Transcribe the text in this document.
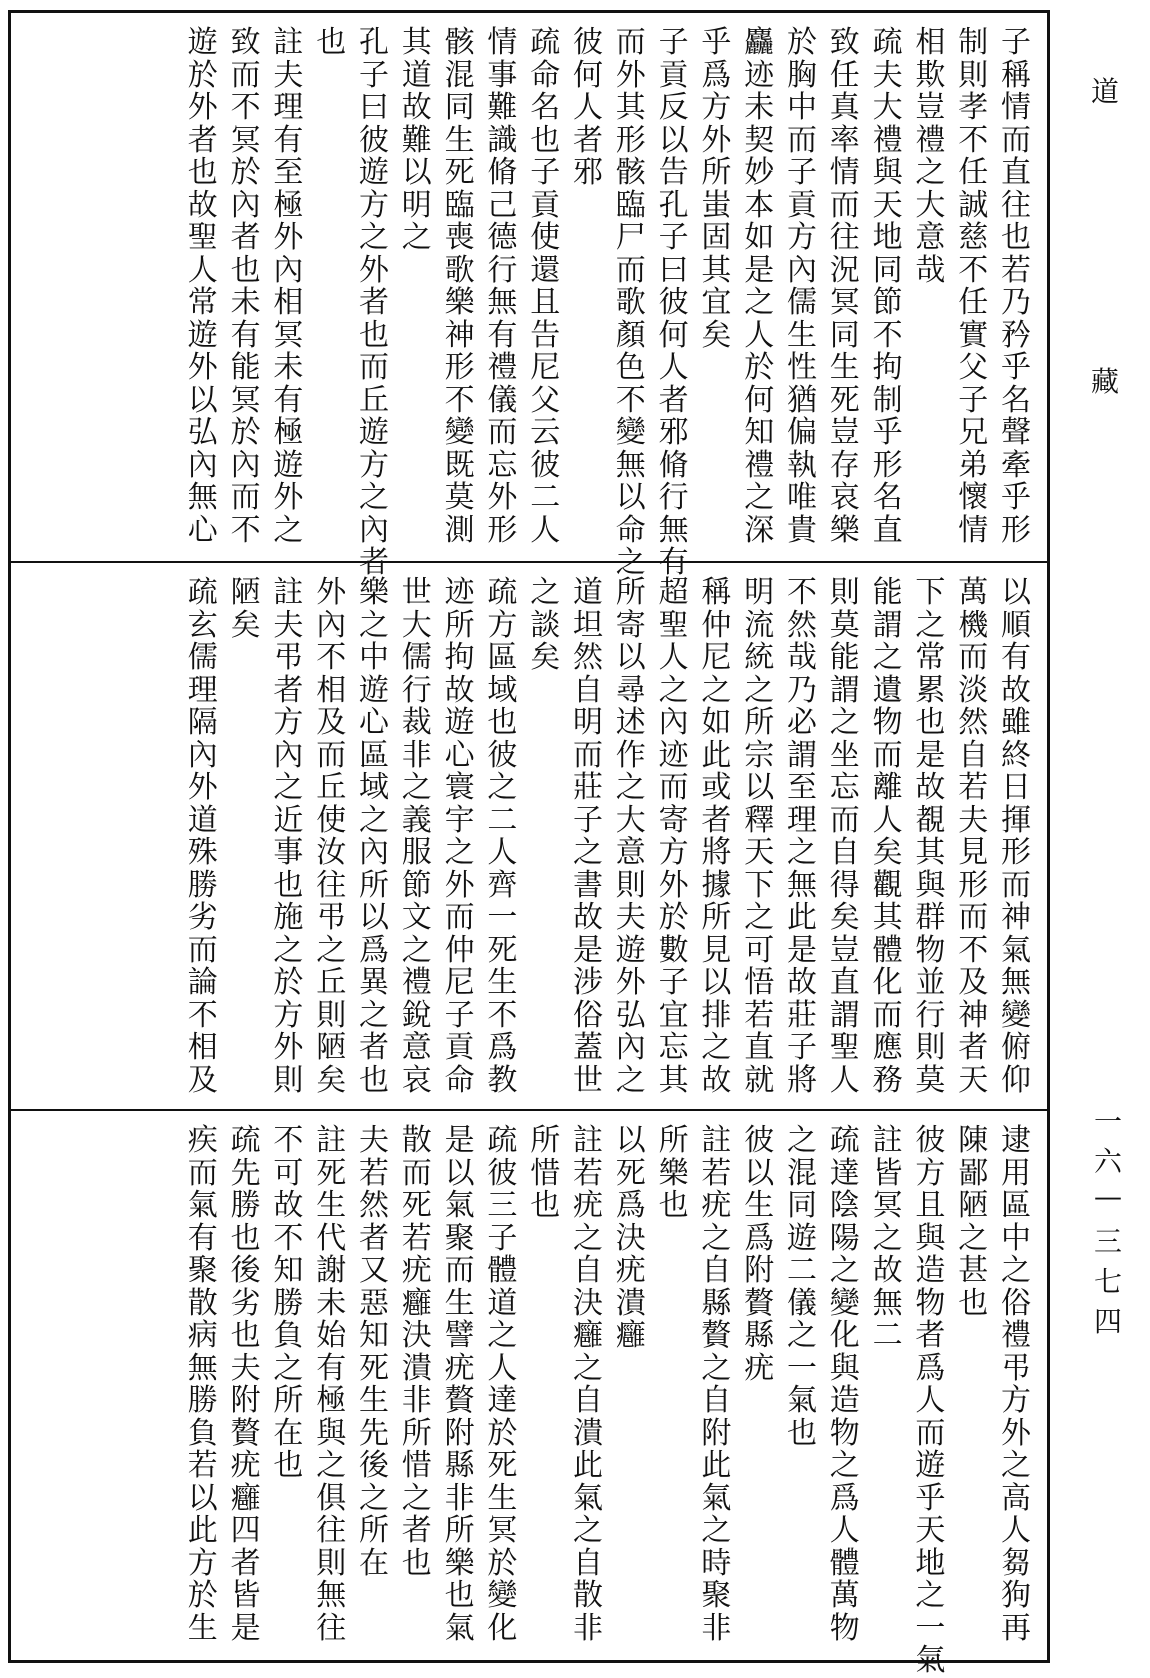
子
稱
情
而
直
往
也
若
乃
矜
乎
名
聲
牽
乎
形
制
則
孝
不
任
誠
慈
不
任
實
父
子
兄
弟
懷
情
相
欺
豈
禮
之
大
意
哉
疏
夫
大
禮
與
天
地
同
節
不
拘
制
乎
形
名
直
致
任
真
率
情
而
往
況
冥
同
生
死
豈
存
哀
樂
於
胸
中
而
子
貢
方
內
儒
生
性
猶
偏
執
唯
貴
麤
迹
未
契
妙
本
如
是
之
人
於
何
知
禮
之
深
乎
爲
方
外
所
蚩
固
其
宜
矣
子
貢
反
以
告
孔
子
曰
彼
何
人
者
邪
脩
行
無
有
而
外
其
形
骸
臨
尸
而
歌
顏
色
不
變
無
以
命
之
彼
何
人
者
邪
疏
命
名
也
子
貢
使
還
且
告
尼
父
云
彼
二
人
情
事
難
識
脩
己
德
行
無
有
禮
儀
而
忘
外
形
骸
混
同
生
死
臨
喪
歌
樂
神
形
不
變
既
莫
測
其
道
故
難
以
明
之
孔
子
曰
彼
遊
方
之
外
者
也
而
丘
遊
方
之
內
者
也
註
夫
理
有
至
極
外
內
相
冥
未
有
極
遊
外
之
致
而
不
冥
於
內
者
也
未
有
能
冥
於
內
而
不
遊
於
外
者
也
故
聖
人
常
遊
外
以
弘
內
無
心
以
順
有
故
雖
終
日
揮
形
而
神
氣
無
變
俯
仰
萬
機
而
淡
然
自
若
夫
見
形
而
不
及
神
者
天
下
之
常
累
也
是
故
覩
其
與
群
物
並
行
則
莫
能
謂
之
遺
物
而
離
人
矣
觀
其
體
化
而
應
務
則
莫
能
謂
之
坐
忘
而
自
得
矣
豈
直
謂
聖
人
不
然
哉
乃
必
謂
至
理
之
無
此
是
故
莊
子
將
明
流
統
之
所
宗
以
釋
天
下
之
可
悟
若
直
就
稱
仲
尼
之
如
此
或
者
將
據
所
見
以
排
之
故
超
聖
人
之
內
迹
而
寄
方
外
於
數
子
宜
忘
其
所
寄
以
尋
述
作
之
大
意
則
夫
遊
外
弘
內
之
道
坦
然
自
明
而
莊
子
之
書
故
是
涉
俗
蓋
世
之
談
矣
疏
方
區
域
也
彼
之
二
人
齊
一
死
生
不
爲
教
迹
所
拘
故
遊
心
寰
宇
之
外
而
仲
尼
子
貢
命
世
大
儒
行
裁
非
之
義
服
節
文
之
禮
銳
意
哀
樂
之
中
遊
心
區
域
之
內
所
以
爲
異
之
者
也
外
內
不
相
及
而
丘
使
汝
往
弔
之
丘
則
陋
矣
註
夫
弔
者
方
內
之
近
事
也
施
之
於
方
外
則
陋
矣
疏
玄
儒
理
隔
內
外
道
殊
勝
劣
而
論
不
相
及
逮
用
區
中
之
俗
禮
弔
方
外
之
高
人
芻
狗
再
陳
鄙
陋
之
甚
也
彼
方
且
與
造
物
者
爲
人
而
遊
乎
天
地
之
一
氣
註
皆
冥
之
故
無
二
疏
達
陰
陽
之
變
化
與
造
物
之
爲
人
體
萬
物
之
混
同
遊
二
儀
之
一
氣
也
彼
以
生
爲
附
贅
縣
疣
註
若
疣
之
自
縣
贅
之
自
附
此
氣
之
時
聚
非
所
樂
也
以
死
爲
決
疣
潰
癰
註
若
疣
之
自
決
癰
之
自
潰
此
氣
之
自
散
非
所
惜
也
疏
彼
三
子
體
道
之
人
達
於
死
生
冥
於
變
化
是
以
氣
聚
而
生
譬
疣
贅
附
縣
非
所
樂
也
氣
散
而
死
若
疣
癰
決
潰
非
所
惜
之
者
也
夫
若
然
者
又
惡
知
死
生
先
後
之
所
在
註
死
生
代
謝
未
始
有
極
與
之
俱
往
則
無
往
不
可
故
不
知
勝
負
之
所
在
也
疏
先
勝
也
後
劣
也
夫
附
贅
疣
癰
四
者
皆
是
疾
而
氣
有
聚
散
病
無
勝
負
若
以
此
方
於
生
道
藏
一
六
—
三
七
四
